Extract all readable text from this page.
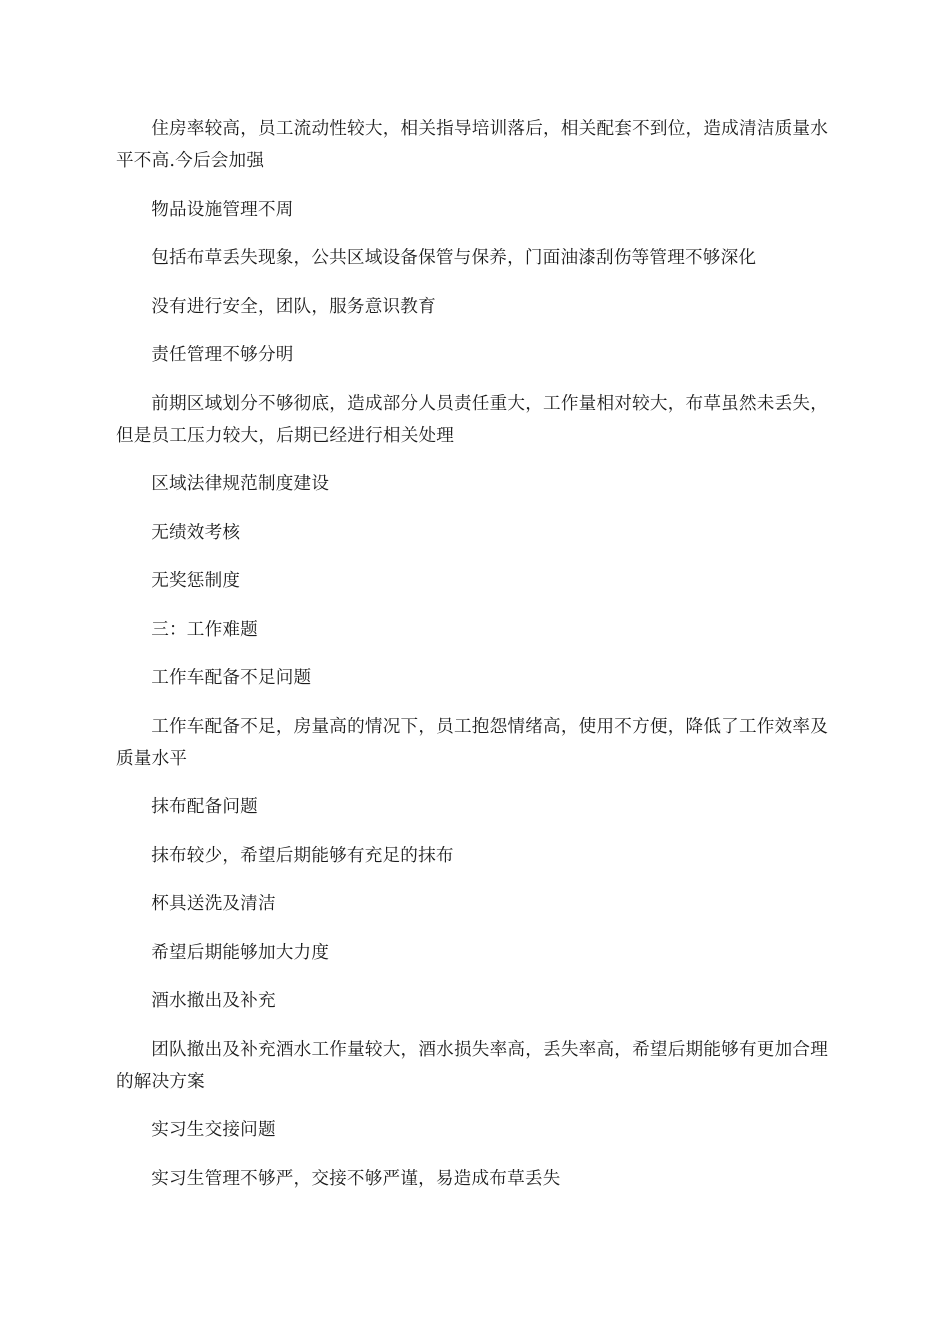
住房率较高，员工流动性较大，相关指导培训落后，相关配套不到位，造成清洁质量水平不高.今后会加强

物品设施管理不周

包括布草丢失现象，公共区域设备保管与保养，门面油漆刮伤等管理不够深化

没有进行安全，团队，服务意识教育

责任管理不够分明

前期区域划分不够彻底，造成部分人员责任重大，工作量相对较大，布草虽然未丢失，但是员工压力较大，后期已经进行相关处理

区域法律规范制度建设

无绩效考核

无奖惩制度

三：工作难题

工作车配备不足问题

工作车配备不足，房量高的情况下，员工抱怨情绪高，使用不方便，降低了工作效率及质量水平

抹布配备问题

抹布较少，希望后期能够有充足的抹布

杯具送洗及清洁

希望后期能够加大力度

酒水撤出及补充

团队撤出及补充酒水工作量较大，酒水损失率高，丢失率高，希望后期能够有更加合理的解决方案

实习生交接问题

实习生管理不够严，交接不够严谨，易造成布草丢失
